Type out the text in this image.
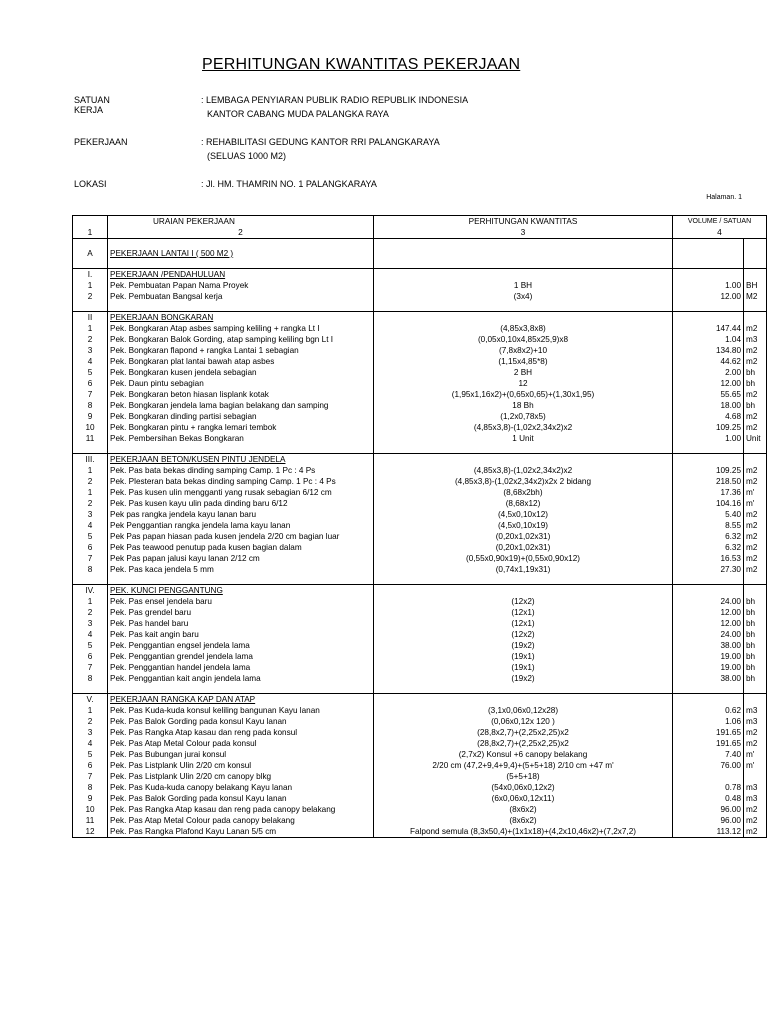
PERHITUNGAN KWANTITAS PEKERJAAN
SATUAN KERJA
: LEMBAGA PENYIARAN PUBLIK RADIO REPUBLIK INDONESIA
KANTOR CABANG MUDA PALANGKA RAYA
PEKERJAAN	: REHABILITASI GEDUNG KANTOR RRI PALANGKARAYA
(SELUAS 1000 M2)
LOKASI	: Jl. HM. THAMRIN NO. 1 PALANGKARAYA
Halaman. 1
	URAIAN PEKERJAAN	PERHITUNGAN KWANTITAS	VOLUME / SATUAN	
1	2	3	4	

A	PEKERJAAN LANTAI I ( 500 M2 )			

I.	PEKERJAAN /PENDAHULUAN			
1	Pek. Pembuatan Papan Nama Proyek	1 BH	1.00	BH
2	Pek. Pembuatan Bangsal kerja	(3x4)	12.00	M2

II	PEKERJAAN BONGKARAN			
1	Pek. Bongkaran Atap asbes samping keliling + rangka Lt I	(4,85x3,8x8)	147.44	m2
2	Pek. Bongkaran Balok Gording, atap samping keliling bgn Lt I	(0,05x0,10x4,85x25,9)x8	1.04	m3
3	Pek. Bongkaran flapond + rangka Lantai 1 sebagian	(7,8x8x2)+10	134.80	m2
4	Pek. Bongkaran plat lantai bawah atap asbes	(1,15x4,85*8)	44.62	m2
5	Pek. Bongkaran kusen jendela sebagian	2 BH	2.00	bh
6	Pek. Daun pintu sebagian	12	12.00	bh
7	Pek. Bongkaran beton hiasan lisplank kotak	(1,95x1,16x2)+(0,65x0,65)+(1,30x1,95)	55.65	m2
8	Pek. Bongkaran jendela lama bagian belakang dan samping	18 Bh	18.00	bh
9	Pek. Bongkaran dinding partisi sebagian	(1,2x0,78x5)	4.68	m2
10	Pek. Bongkaran pintu + rangka lemari tembok	(4,85x3,8)-(1,02x2,34x2)x2	109.25	m2
11	Pek. Pembersihan Bekas Bongkaran	1 Unit	1.00	Unit

III.	PEKERJAAN BETON/KUSEN PINTU JENDELA			
1	Pek. Pas bata bekas dinding samping Camp. 1 Pc : 4 Ps	(4,85x3,8)-(1,02x2,34x2)x2	109.25	m2
2	Pek. Plesteran bata bekas dinding samping Camp. 1 Pc : 4 Ps	(4,85x3,8)-(1,02x2,34x2)x2x 2 bidang	218.50	m2
1	Pek. Pas kusen ulin mengganti yang rusak sebagian 6/12 cm	(8,68x2bh)	17.36	m'
2	Pek. Pas kusen kayu ulin pada dinding baru 6/12	(8,68x12)	104.16	m'
3	Pek pas rangka jendela kayu lanan baru	(4,5x0,10x12)	5.40	m2
4	Pek Penggantian rangka jendela lama kayu lanan	(4,5x0,10x19)	8.55	m2
5	Pek Pas papan hiasan pada kusen jendela 2/20 cm bagian luar	(0,20x1,02x31)	6.32	m2
6	Pek Pas teawood penutup pada kusen bagian dalam	(0,20x1,02x31)	6.32	m2
7	Pek Pas papan jalusi kayu lanan 2/12 cm	(0,55x0,90x19)+(0,55x0,90x12)	16.53	m2
8	Pek. Pas kaca jendela 5 mm	(0,74x1,19x31)	27.30	m2

IV.	PEK. KUNCI PENGGANTUNG			
1	Pek. Pas ensel jendela baru	(12x2)	24.00	bh
2	Pek. Pas grendel baru	(12x1)	12.00	bh
3	Pek. Pas handel baru	(12x1)	12.00	bh
4	Pek. Pas kait angin baru	(12x2)	24.00	bh
5	Pek. Penggantian engsel jendela lama	(19x2)	38.00	bh
6	Pek. Penggantian grendel jendela lama	(19x1)	19.00	bh
7	Pek. Penggantian handel jendela lama	(19x1)	19.00	bh
8	Pek. Penggantian kait angin jendela lama	(19x2)	38.00	bh

V.	PEKERJAAN RANGKA KAP DAN ATAP			
1	Pek. Pas Kuda-kuda konsul keliling bangunan Kayu lanan	(3,1x0,06x0,12x28)	0.62	m3
2	Pek. Pas Balok Gording pada konsul Kayu lanan	(0,06x0,12x 120 )	1.06	m3
3	Pek. Pas Rangka Atap kasau dan reng pada konsul	(28,8x2,7)+(2,25x2,25)x2	191.65	m2
4	Pek. Pas Atap Metal Colour pada konsul	(28,8x2,7)+(2,25x2,25)x2	191.65	m2
5	Pek. Pas Bubungan jurai konsul	(2,7x2) Konsul +6 canopy belakang	7.40	m'
6	Pek. Pas Listplank Ulin 2/20 cm konsul	2/20 cm (47,2+9,4+9,4)+(5+5+18) 2/10 cm +47 m'	76.00	m'
7	Pek. Pas Listplank Ulin 2/20 cm canopy blkg	(5+5+18)		
8	Pek. Pas Kuda-kuda canopy belakang Kayu lanan	(54x0,06x0,12x2)	0.78	m3
9	Pek. Pas Balok Gording pada konsul Kayu lanan	(6x0,06x0,12x11)	0.48	m3
10	Pek. Pas Rangka Atap kasau dan reng pada canopy belakang	(8x6x2)	96.00	m2
11	Pek. Pas Atap Metal Colour pada canopy belakang	(8x6x2)	96.00	m2
12	Pek. Pas Rangka Plafond Kayu Lanan 5/5 cm	Falpond semula (8,3x50,4)+(1x1x18)+(4,2x10,46x2)+(7,2x7,2)	113.12	m2
